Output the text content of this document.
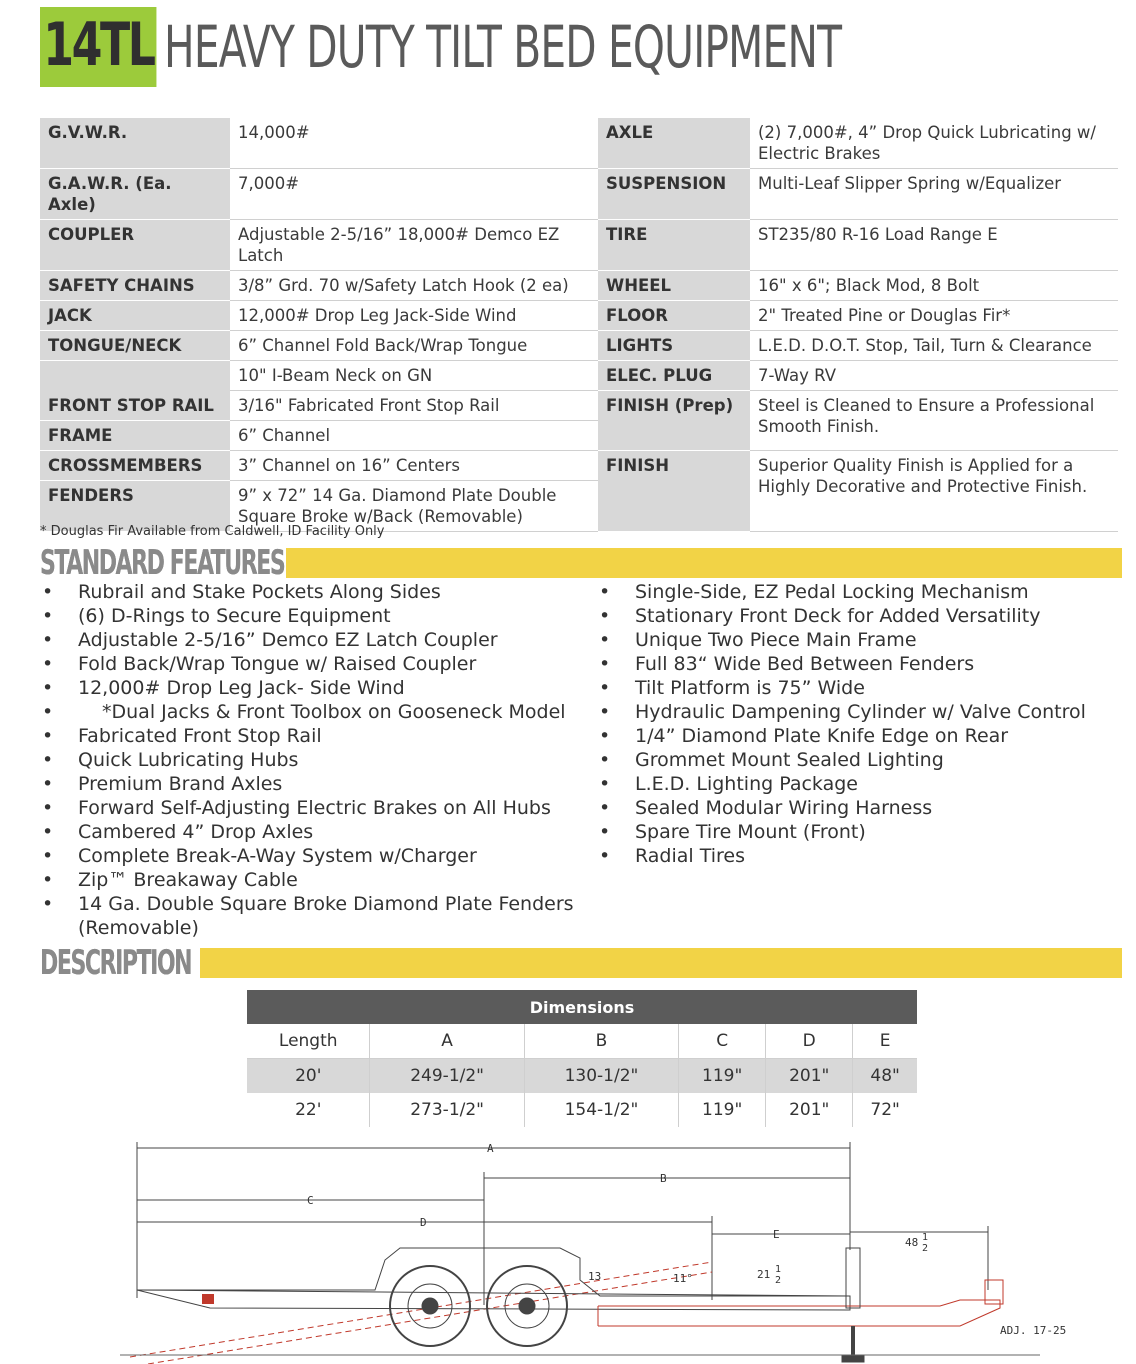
14TL HEAVY DUTY TILT BED EQUIPMENT
G.V.W.R.	14,000#	AXLE	(2) 7,000#, 4” Drop Quick Lubricating w/ Electric Brakes
G.A.W.R. (Ea. Axle)	7,000#	SUSPENSION	Multi-Leaf Slipper Spring w/Equalizer
COUPLER	Adjustable 2-5/16” 18,000# Demco EZ Latch	TIRE	ST235/80 R-16 Load Range E
SAFETY CHAINS	3/8” Grd. 70 w/Safety Latch Hook (2 ea)	WHEEL	16" x 6"; Black Mod, 8 Bolt
JACK	12,000# Drop Leg Jack-Side Wind	FLOOR	2" Treated Pine or Douglas Fir*
TONGUE/NECK	6” Channel Fold Back/Wrap Tongue	LIGHTS	L.E.D. D.O.T. Stop, Tail, Turn & Clearance
	10" I-Beam Neck on GN	ELEC. PLUG	7-Way RV
FRONT STOP RAIL	3/16" Fabricated Front Stop Rail	FINISH (Prep)	Steel is Cleaned to Ensure a Professional Smooth Finish.
FRAME	6” Channel		
CROSSMEMBERS	3” Channel on 16” Centers	FINISH	Superior Quality Finish is Applied for a Highly Decorative and Protective Finish.
FENDERS	9” x 72” 14 Ga. Diamond Plate Double Square Broke w/Back (Removable)		
* Douglas Fir Available from Caldwell, ID Facility Only
STANDARD FEATURES
• Rubrail and Stake Pockets Along Sides
• (6) D-Rings to Secure Equipment
• Adjustable 2-5/16” Demco EZ Latch Coupler
• Fold Back/Wrap Tongue w/ Raised Coupler
• 12,000# Drop Leg Jack- Side Wind
• *Dual Jacks & Front Toolbox on Gooseneck Model
• Fabricated Front Stop Rail
• Quick Lubricating Hubs
• Premium Brand Axles
• Forward Self-Adjusting Electric Brakes on All Hubs
• Cambered 4” Drop Axles
• Complete Break-A-Way System w/Charger
• Zip™ Breakaway Cable
• 14 Ga. Double Square Broke Diamond Plate Fenders (Removable)
• Single-Side, EZ Pedal Locking Mechanism
• Stationary Front Deck for Added Versatility
• Unique Two Piece Main Frame
• Full 83“ Wide Bed Between Fenders
• Tilt Platform is 75” Wide
• Hydraulic Dampening Cylinder w/ Valve Control
• 1/4” Diamond Plate Knife Edge on Rear
• Grommet Mount Sealed Lighting
• L.E.D. Lighting Package
• Sealed Modular Wiring Harness
• Spare Tire Mount (Front)
• Radial Tires
DESCRIPTION
Dimensions					
Length	A	B	C	D	E
20'	249-1/2"	130-1/2"	119"	201"	48"
22'	273-1/2"	154-1/2"	119"	201"	72"
A
B
C
D
E
48 1
2
13	11°	21 1
2
ADJ. 17-25
